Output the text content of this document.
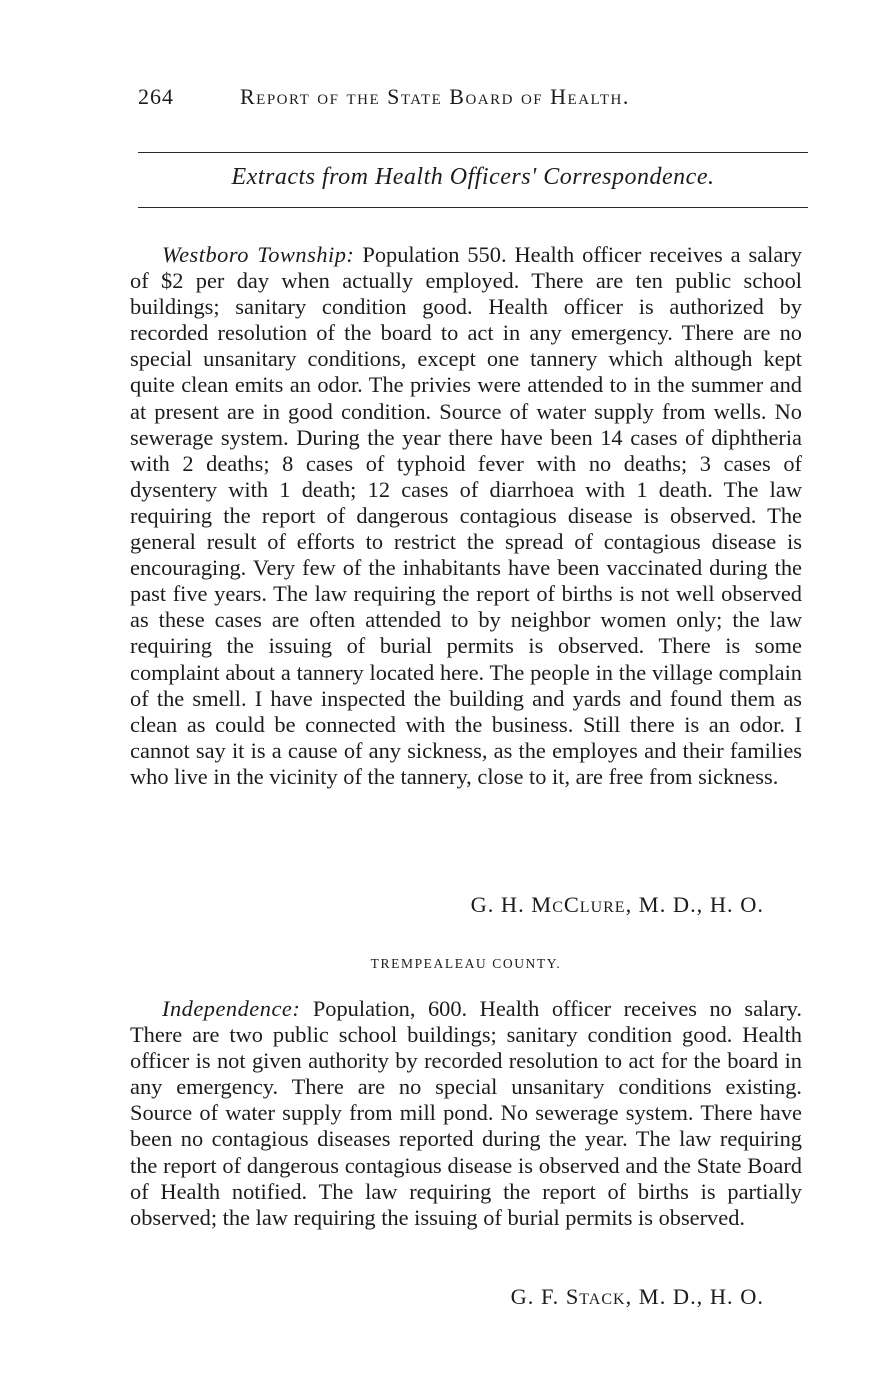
264	Report of the State Board of Health.
Extracts from Health Officers' Correspondence.

Westboro Township: Population 550. Health officer receives a salary of $2 per day when actually employed. There are ten public school buildings; sanitary condition good. Health officer is authorized by recorded resolution of the board to act in any emergency. There are no special unsanitary conditions, except one tannery which although kept quite clean emits an odor. The privies were attended to in the summer and at present are in good condition. Source of water supply from wells. No sewerage system. During the year there have been 14 cases of diphtheria with 2 deaths; 8 cases of typhoid fever with no deaths; 3 cases of dysentery with 1 death; 12 cases of diarrhoea with 1 death. The law requiring the report of dangerous contagious disease is observed. The general result of efforts to restrict the spread of contagious disease is encouraging. Very few of the inhabitants have been vaccinated during the past five years. The law requiring the report of births is not well observed as these cases are often attended to by neighbor women only; the law requiring the issuing of burial permits is observed. There is some complaint about a tannery located here. The people in the village complain of the smell. I have inspected the building and yards and found them as clean as could be connected with the business. Still there is an odor. I cannot say it is a cause of any sickness, as the employes and their families who live in the vicinity of the tannery, close to it, are free from sickness.

G. H. McClure, M. D., H. O.
TREMPEALEAU COUNTY.

Independence: Population, 600. Health officer receives no salary. There are two public school buildings; sanitary condition good. Health officer is not given authority by recorded resolution to act for the board in any emergency. There are no special unsanitary conditions existing. Source of water supply from mill pond. No sewerage system. There have been no contagious diseases reported during the year. The law requiring the report of dangerous contagious disease is observed and the State Board of Health notified. The law requiring the report of births is partially observed; the law requiring the issuing of burial permits is observed.

G. F. Stack, M. D., H. O.
